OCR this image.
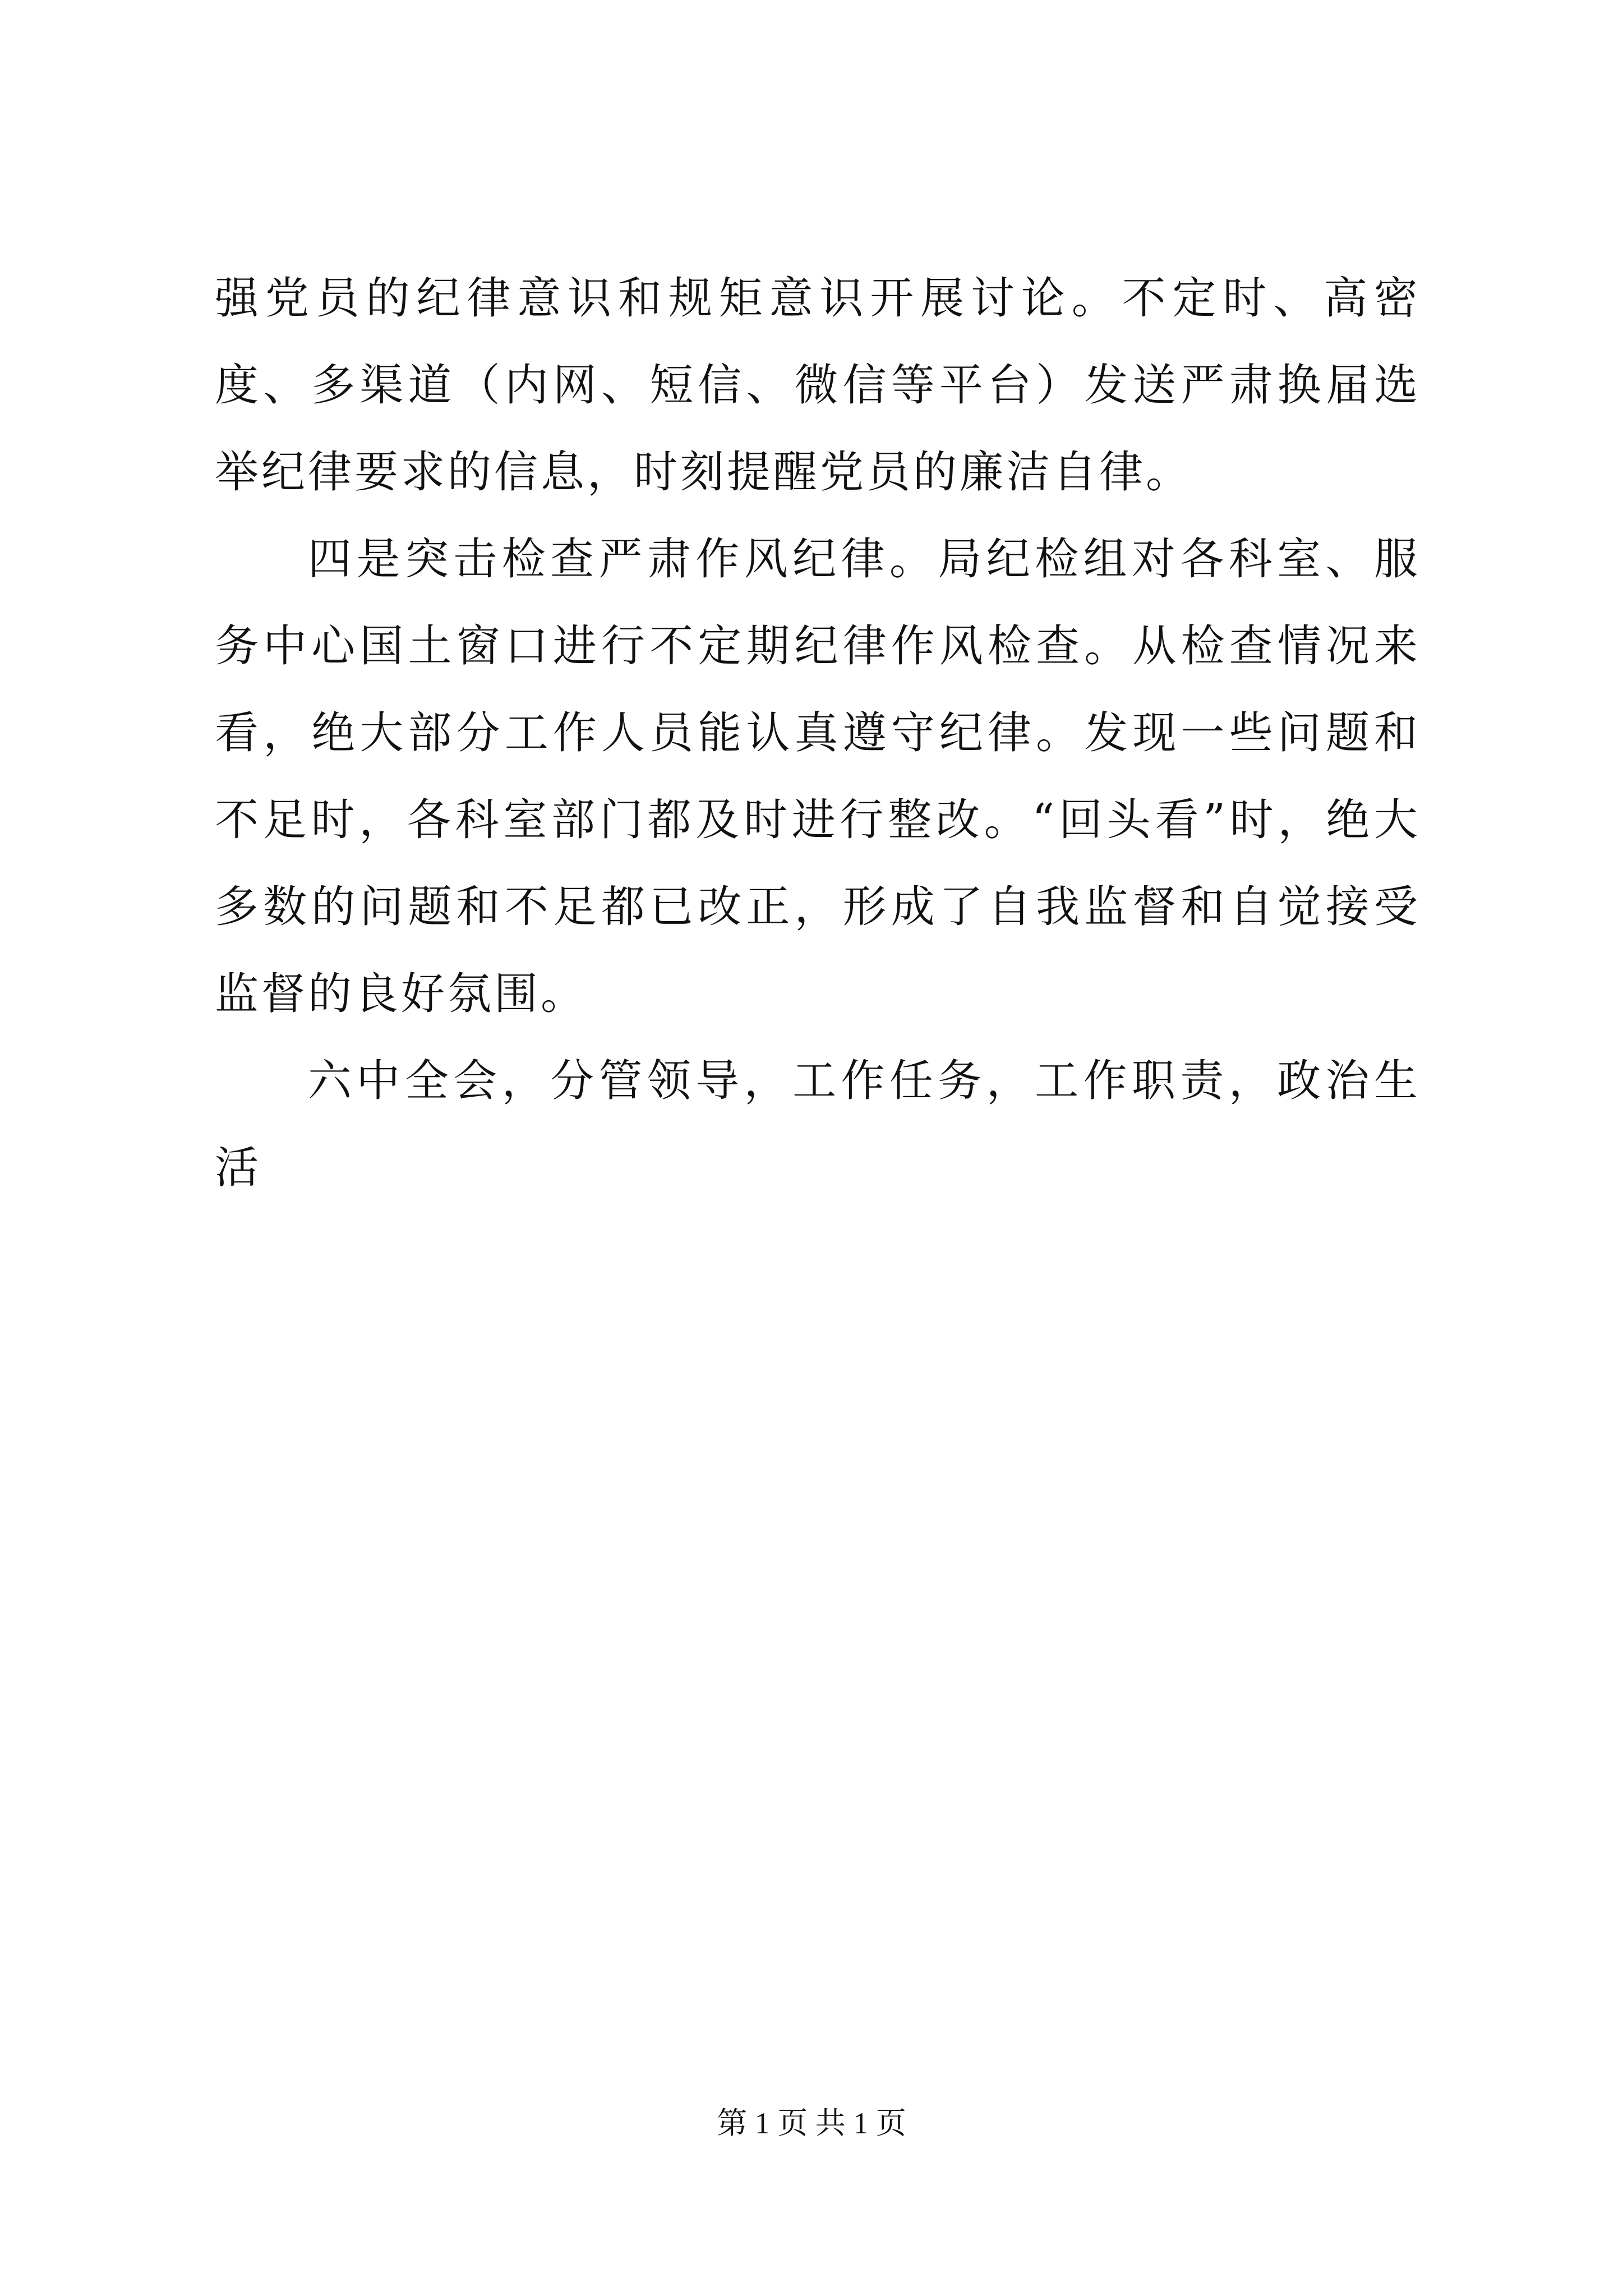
强党员的纪律意识和规矩意识开展讨论。不定时、高密度、多渠道（内网、短信、微信等平台）发送严肃换届选举纪律要求的信息，时刻提醒党员的廉洁自律。

四是突击检查严肃作风纪律。局纪检组对各科室、服务中心国土窗口进行不定期纪律作风检查。从检查情况来看，绝大部分工作人员能认真遵守纪律。发现一些问题和不足时，各科室部门都及时进行整改。“回头看”时，绝大多数的问题和不足都已改正，形成了自我监督和自觉接受监督的良好氛围。

六中全会，分管领导，工作任务，工作职责，政治生活

第 1 页 共 1 页
